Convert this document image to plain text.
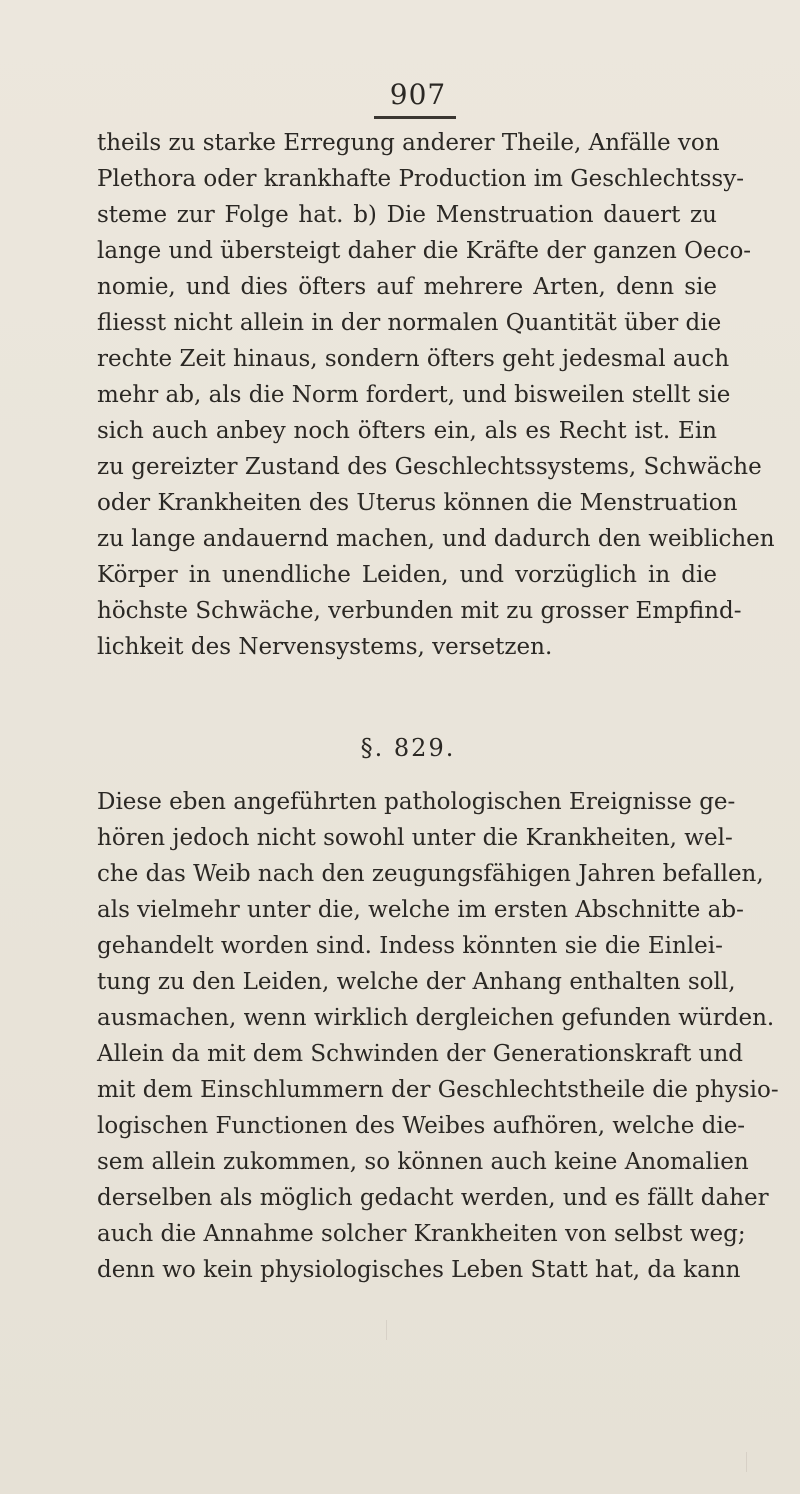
907
theils zu starke Erregung anderer Theile, Anfälle von
Plethora oder krankhafte Production im Geschlechtssy-
steme zur Folge hat. b) Die Menstruation dauert zu
lange und übersteigt daher die Kräfte der ganzen Oeco-
nomie, und dies öfters auf mehrere Arten, denn sie
fliesst nicht allein in der normalen Quantität über die
rechte Zeit hinaus, sondern öfters geht jedesmal auch
mehr ab, als die Norm fordert, und bisweilen stellt sie
sich auch anbey noch öfters ein, als es Recht ist. Ein
zu gereizter Zustand des Geschlechtssystems, Schwäche
oder Krankheiten des Uterus können die Menstruation
zu lange andauernd machen, und dadurch den weiblichen
Körper in unendliche Leiden, und vorzüglich in die
höchste Schwäche, verbunden mit zu grosser Empfind-
lichkeit des Nervensystems, versetzen.
§. 829.
Diese eben angeführten pathologischen Ereignisse ge-
hören jedoch nicht sowohl unter die Krankheiten, wel-
che das Weib nach den zeugungsfähigen Jahren befallen,
als vielmehr unter die, welche im ersten Abschnitte ab-
gehandelt worden sind. Indess könnten sie die Einlei-
tung zu den Leiden, welche der Anhang enthalten soll,
ausmachen, wenn wirklich dergleichen gefunden würden.
Allein da mit dem Schwinden der Generationskraft und
mit dem Einschlummern der Geschlechtstheile die physio-
logischen Functionen des Weibes aufhören, welche die-
sem allein zukommen, so können auch keine Anomalien
derselben als möglich gedacht werden, und es fällt daher
auch die Annahme solcher Krankheiten von selbst weg;
denn wo kein physiologisches Leben Statt hat, da kann
